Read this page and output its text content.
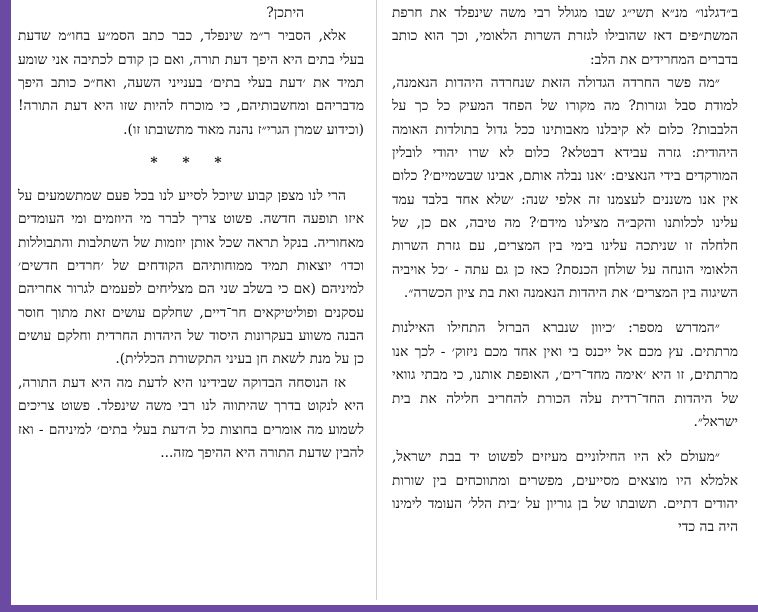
ב״דגלנו״ מנ״א תשי״ג שבו מגולל רבי משה שינפלד את חרפת המשת״פים דאז שהובילו לגזרת השרות הלאומי, וכך הוא כותב בדברים המחרידים את הלב:

״מה פשר החרדה הגדולה הזאת שנחרדה היהדות הנאמנה, למודת סבל וגזרות? מה מקורו של הפחד המעיק כל כך על הלבבות? כלום לא קיבלנו מאבותינו ככל גדול בתולדות האומה היהודית: גזרה עבידא דבטלא? כלום לא שרו יהודי לובלין המורקדים בידי הנאצים: ׳אנו נבלה אותם, אבינו שבשמיים׳? כלום אין אנו משננים לעצמנו זה אלפי שנה: ׳שלא אחד בלבד עמד עלינו לכלותנו והקב״ה מצילנו מידם׳? מה טיבה, אם כן, של חלחלה זו שניתכה עלינו בימי בין המצרים, עם גזרת השרות הלאומי הונחה על שולחן הכנסת? כאז כן גם עתה - ׳כל אויביה השיגוה בין המצרים׳ את היהדות הנאמנה ואת בת ציון הכשרה״.

״המדרש מספר: ׳כיוון שנברא הברזל התחילו האילנות מרתתים. עץ מכם אל ייכנס בי ואין אחד מכם ניזוק׳ - לכך אנו מרתתים, זו היא ׳אימה מחד־רים׳, האופפת אותנו, כי מבתי גוואי של היהדות החד־רדית עלה הכורת להחריב חלילה את בית ישראל״.

״מעולם לא היו החילוניים מעיזים לפשוט יד בבת ישראל, אלמלא היו מוצאים מסייעים, מפשרים ומתווכחים בין שורות יהודים דתיים. תשובתו של בן גוריון על ׳בית הלל׳ העומד לימינו היה בה כדי

היתכן?

אלא, הסביר ר״מ שינפלד, כבר כתב הסמ״ע בחו״מ שדעת בעלי בתים היא היפך דעת תורה, ואם כן קודם לכתיבה אני שומע תמיד את ׳דעת בעלי בתים׳ בענייני השעה, ואח״כ כותב היפך מדבריהם ומחשבותיהם, כי מוכרח להיות שזו היא דעת התורה! (וכידוע שמרן הגרי״ז נהנה מאוד מתשובתו זו).

* * *

הרי לנו מצפן קבוע שיוכל לסייע לנו בכל פעם שמתשמעים על איזו תופעה חדשה. פשוט צריך לברר מי היוזמים ומי העומדים מאחוריה. בנקל תראה שכל אותן יוזמות של השתלבות והתבוללות וכדו׳ יוצאות תמיד ממוחותיהם הקודחים של ׳חרדים חדשים׳ למיניהם (אם כי בשלב שני הם מצליחים לפעמים לגרור אחריהם עסקנים ופוליטיקאים חר־דיים, שחלקם עושים זאת מתוך חוסר הבנה משווע בעקרונות היסוד של היהדות החרדית וחלקם עושים כן על מנת לשאת חן בעיני התקשורת הכללית).

אז הנוסחה הבדוקה שבידינו היא לדעת מה היא דעת התורה, היא לנקוט בדרך שהיתווה לנו רבי משה שינפלד. פשוט צריכים לשמוע מה אומרים בחוצות כל ה׳דעת בעלי בתים׳ למיניהם - ואז להבין שדעת התורה היא ההיפך מזה...
